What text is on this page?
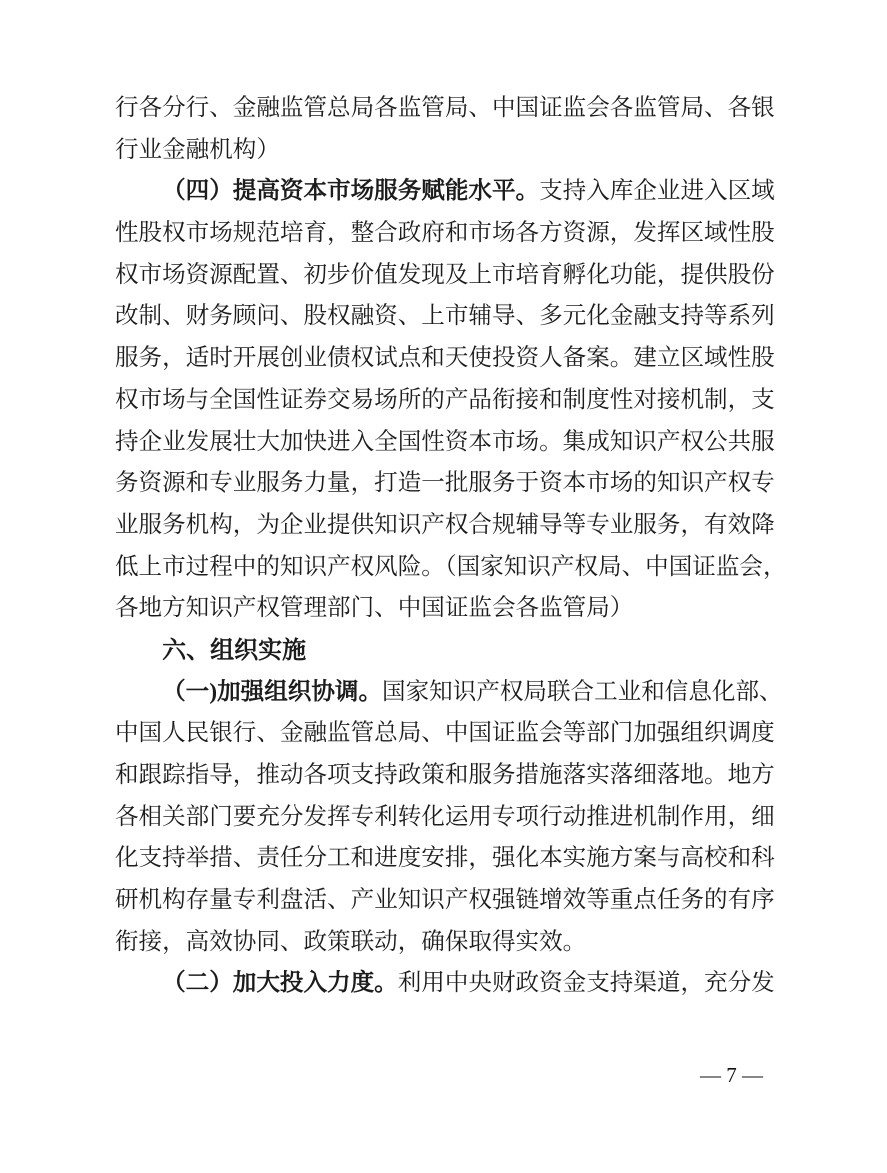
行各分行、金融监管总局各监管局、中国证监会各监管局、各银
行业金融机构）
（四）提高资本市场服务赋能水平。支持入库企业进入区域
性股权市场规范培育，整合政府和市场各方资源，发挥区域性股
权市场资源配置、初步价值发现及上市培育孵化功能，提供股份
改制、财务顾问、股权融资、上市辅导、多元化金融支持等系列
服务，适时开展创业债权试点和天使投资人备案。建立区域性股
权市场与全国性证券交易场所的产品衔接和制度性对接机制，支
持企业发展壮大加快进入全国性资本市场。集成知识产权公共服
务资源和专业服务力量，打造一批服务于资本市场的知识产权专
业服务机构，为企业提供知识产权合规辅导等专业服务，有效降
低上市过程中的知识产权风险。（国家知识产权局、中国证监会，
各地方知识产权管理部门、中国证监会各监管局）
六、组织实施
（一)加强组织协调。国家知识产权局联合工业和信息化部、
中国人民银行、金融监管总局、中国证监会等部门加强组织调度
和跟踪指导，推动各项支持政策和服务措施落实落细落地。地方
各相关部门要充分发挥专利转化运用专项行动推进机制作用，细
化支持举措、责任分工和进度安排，强化本实施方案与高校和科
研机构存量专利盘活、产业知识产权强链增效等重点任务的有序
衔接，高效协同、政策联动，确保取得实效。
（二）加大投入力度。利用中央财政资金支持渠道，充分发
— 7 —
